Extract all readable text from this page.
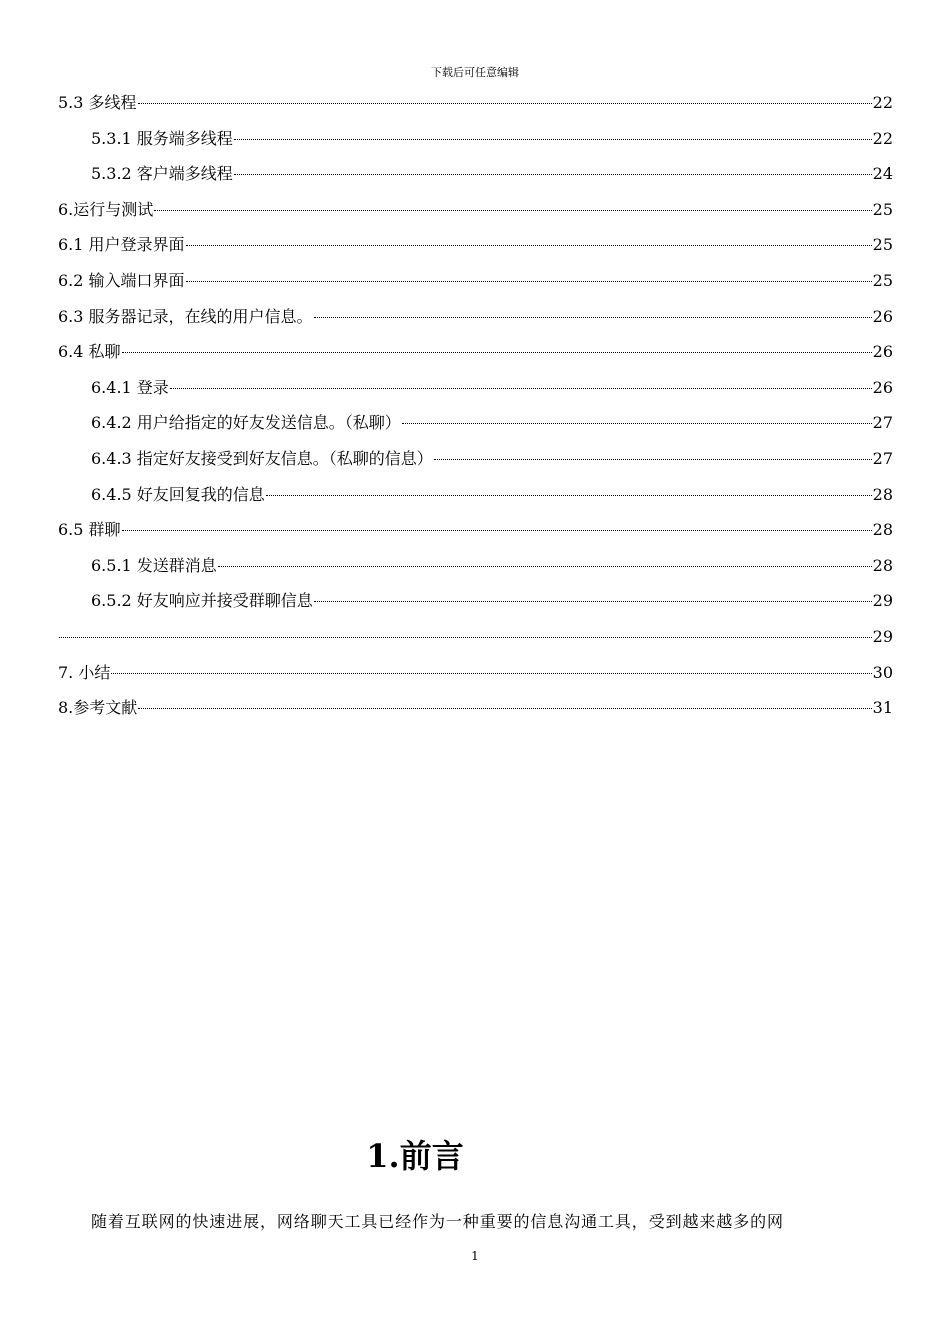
下载后可任意编辑
5.3 多线程	22
5.3.1 服务端多线程	22
5.3.2 客户端多线程	24
6.运行与测试	25
6.1 用户登录界面	25
6.2 输入端口界面	25
6.3 服务器记录，在线的用户信息。	26
6.4 私聊	26
6.4.1 登录	26
6.4.2 用户给指定的好友发送信息。（私聊）	27
6.4.3 指定好友接受到好友信息。（私聊的信息）	27
6.4.5 好友回复我的信息	28
6.5 群聊	28
6.5.1 发送群消息	28
6.5.2 好友响应并接受群聊信息	29
29
7. 小结	30
8.参考文献	31
1.前言
随着互联网的快速进展，网络聊天工具已经作为一种重要的信息沟通工具，受到越来越多的网
1
